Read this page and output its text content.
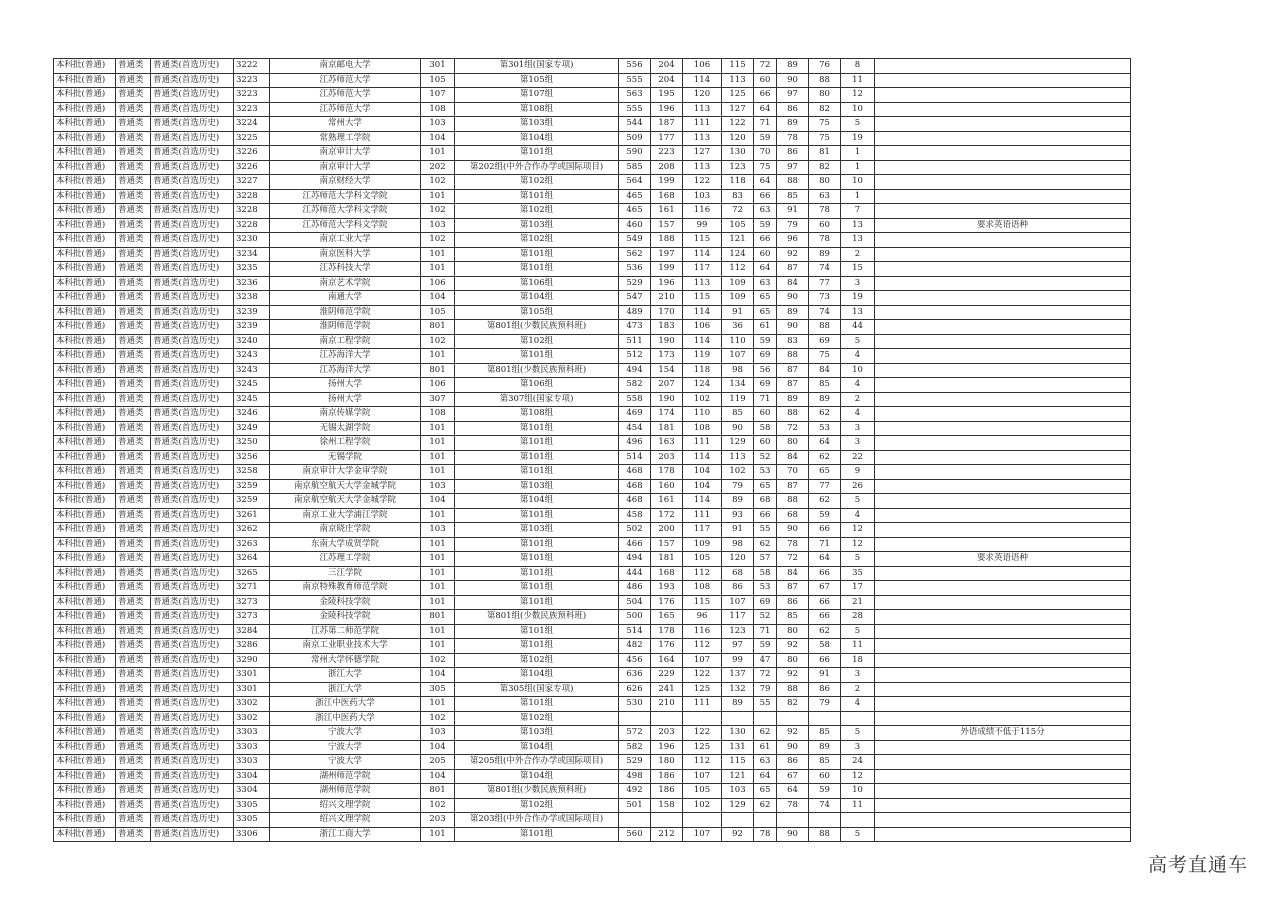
本科批(普通)	普通类	普通类(首选历史)	3222	南京邮电大学	301	第301组(国家专项)	556	204	106	115	72	89	76	8	
本科批(普通)	普通类	普通类(首选历史)	3223	江苏师范大学	105	第105组	555	204	114	113	60	90	88	11	
本科批(普通)	普通类	普通类(首选历史)	3223	江苏师范大学	107	第107组	563	195	120	125	66	97	80	12	
本科批(普通)	普通类	普通类(首选历史)	3223	江苏师范大学	108	第108组	555	196	113	127	64	86	82	10	
本科批(普通)	普通类	普通类(首选历史)	3224	常州大学	103	第103组	544	187	111	122	71	89	75	5	
本科批(普通)	普通类	普通类(首选历史)	3225	常熟理工学院	104	第104组	509	177	113	120	59	78	75	19	
本科批(普通)	普通类	普通类(首选历史)	3226	南京审计大学	101	第101组	590	223	127	130	70	86	81	1	
本科批(普通)	普通类	普通类(首选历史)	3226	南京审计大学	202	第202组(中外合作办学或国际项目)	585	208	113	123	75	97	82	1	
本科批(普通)	普通类	普通类(首选历史)	3227	南京财经大学	102	第102组	564	199	122	118	64	88	80	10	
本科批(普通)	普通类	普通类(首选历史)	3228	江苏师范大学科文学院	101	第101组	465	168	103	83	66	85	63	1	
本科批(普通)	普通类	普通类(首选历史)	3228	江苏师范大学科文学院	102	第102组	465	161	116	72	63	91	78	7	
本科批(普通)	普通类	普通类(首选历史)	3228	江苏师范大学科文学院	103	第103组	460	157	99	105	59	79	60	13	要求英语语种
本科批(普通)	普通类	普通类(首选历史)	3230	南京工业大学	102	第102组	549	188	115	121	66	96	78	13	
本科批(普通)	普通类	普通类(首选历史)	3234	南京医科大学	101	第101组	562	197	114	124	60	92	89	2	
本科批(普通)	普通类	普通类(首选历史)	3235	江苏科技大学	101	第101组	536	199	117	112	64	87	74	15	
本科批(普通)	普通类	普通类(首选历史)	3236	南京艺术学院	106	第106组	529	196	113	109	63	84	77	3	
本科批(普通)	普通类	普通类(首选历史)	3238	南通大学	104	第104组	547	210	115	109	65	90	73	19	
本科批(普通)	普通类	普通类(首选历史)	3239	淮阴师范学院	105	第105组	489	170	114	91	65	89	74	13	
本科批(普通)	普通类	普通类(首选历史)	3239	淮阴师范学院	801	第801组(少数民族预科班)	473	183	106	36	61	90	88	44	
本科批(普通)	普通类	普通类(首选历史)	3240	南京工程学院	102	第102组	511	190	114	110	59	83	69	5	
本科批(普通)	普通类	普通类(首选历史)	3243	江苏海洋大学	101	第101组	512	173	119	107	69	88	75	4	
本科批(普通)	普通类	普通类(首选历史)	3243	江苏海洋大学	801	第801组(少数民族预科班)	494	154	118	98	56	87	84	10	
本科批(普通)	普通类	普通类(首选历史)	3245	扬州大学	106	第106组	582	207	124	134	69	87	85	4	
本科批(普通)	普通类	普通类(首选历史)	3245	扬州大学	307	第307组(国家专项)	558	190	102	119	71	89	89	2	
本科批(普通)	普通类	普通类(首选历史)	3246	南京传媒学院	108	第108组	469	174	110	85	60	88	62	4	
本科批(普通)	普通类	普通类(首选历史)	3249	无锡太湖学院	101	第101组	454	181	108	90	58	72	53	3	
本科批(普通)	普通类	普通类(首选历史)	3250	徐州工程学院	101	第101组	496	163	111	129	60	80	64	3	
本科批(普通)	普通类	普通类(首选历史)	3256	无锡学院	101	第101组	514	203	114	113	52	84	62	22	
本科批(普通)	普通类	普通类(首选历史)	3258	南京审计大学金审学院	101	第101组	468	178	104	102	53	70	65	9	
本科批(普通)	普通类	普通类(首选历史)	3259	南京航空航天大学金城学院	103	第103组	468	160	104	79	65	87	77	26	
本科批(普通)	普通类	普通类(首选历史)	3259	南京航空航天大学金城学院	104	第104组	468	161	114	89	68	88	62	5	
本科批(普通)	普通类	普通类(首选历史)	3261	南京工业大学浦江学院	101	第101组	458	172	111	93	66	68	59	4	
本科批(普通)	普通类	普通类(首选历史)	3262	南京晓庄学院	103	第103组	502	200	117	91	55	90	66	12	
本科批(普通)	普通类	普通类(首选历史)	3263	东南大学成贤学院	101	第101组	466	157	109	98	62	78	71	12	
本科批(普通)	普通类	普通类(首选历史)	3264	江苏理工学院	101	第101组	494	181	105	120	57	72	64	5	要求英语语种
本科批(普通)	普通类	普通类(首选历史)	3265	三江学院	101	第101组	444	168	112	68	58	84	66	35	
本科批(普通)	普通类	普通类(首选历史)	3271	南京特殊教育师范学院	101	第101组	486	193	108	86	53	87	67	17	
本科批(普通)	普通类	普通类(首选历史)	3273	金陵科技学院	101	第101组	504	176	115	107	69	86	66	21	
本科批(普通)	普通类	普通类(首选历史)	3273	金陵科技学院	801	第801组(少数民族预科班)	500	165	96	117	52	85	66	28	
本科批(普通)	普通类	普通类(首选历史)	3284	江苏第二师范学院	101	第101组	514	178	116	123	71	80	62	5	
本科批(普通)	普通类	普通类(首选历史)	3286	南京工业职业技术大学	101	第101组	482	176	112	97	59	92	58	11	
本科批(普通)	普通类	普通类(首选历史)	3290	常州大学怀德学院	102	第102组	456	164	107	99	47	80	66	18	
本科批(普通)	普通类	普通类(首选历史)	3301	浙江大学	104	第104组	636	229	122	137	72	92	91	3	
本科批(普通)	普通类	普通类(首选历史)	3301	浙江大学	305	第305组(国家专项)	626	241	125	132	79	88	86	2	
本科批(普通)	普通类	普通类(首选历史)	3302	浙江中医药大学	101	第101组	530	210	111	89	55	82	79	4	
本科批(普通)	普通类	普通类(首选历史)	3302	浙江中医药大学	102	第102组									
本科批(普通)	普通类	普通类(首选历史)	3303	宁波大学	103	第103组	572	203	122	130	62	92	85	5	外语成绩不低于115分
本科批(普通)	普通类	普通类(首选历史)	3303	宁波大学	104	第104组	582	196	125	131	61	90	89	3	
本科批(普通)	普通类	普通类(首选历史)	3303	宁波大学	205	第205组(中外合作办学或国际项目)	529	180	112	115	63	86	85	24	
本科批(普通)	普通类	普通类(首选历史)	3304	湖州师范学院	104	第104组	498	186	107	121	64	67	60	12	
本科批(普通)	普通类	普通类(首选历史)	3304	湖州师范学院	801	第801组(少数民族预科班)	492	186	105	103	65	64	59	10	
本科批(普通)	普通类	普通类(首选历史)	3305	绍兴文理学院	102	第102组	501	158	102	129	62	78	74	11	
本科批(普通)	普通类	普通类(首选历史)	3305	绍兴文理学院	203	第203组(中外合作办学或国际项目)									
本科批(普通)	普通类	普通类(首选历史)	3306	浙江工商大学	101	第101组	560	212	107	92	78	90	88	5	
高考直通车
